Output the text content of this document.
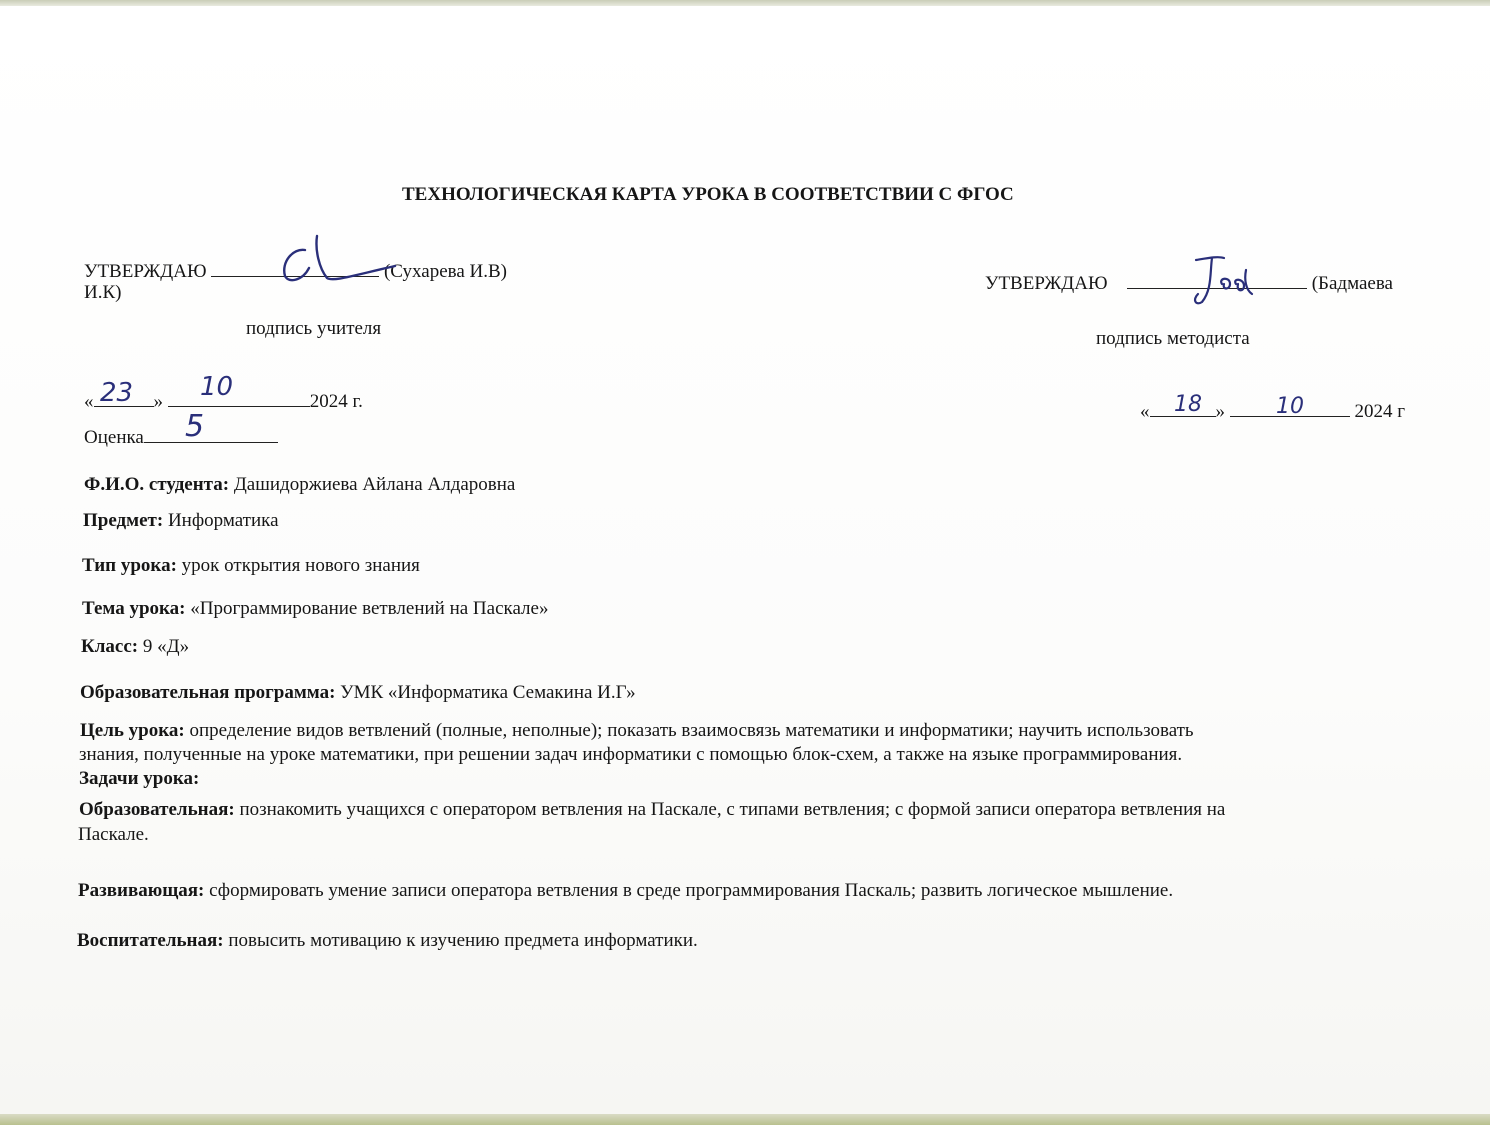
ТЕХНОЛОГИЧЕСКАЯ КАРТА УРОКА В СООТВЕТСТВИИ С ФГОС
УТВЕРЖДАЮ	(Сухарева И.В)
И.К)
подпись учителя
«	»	2024 г.
23	10
Оценка	5
УТВЕРЖДАЮ	(Бадмаева
подпись методиста
«	»	2024 г
18	10
Ф.И.О. студента: Дашидоржиева Айлана Алдаровна
Предмет: Информатика
Тип урока: урок открытия нового знания
Тема урока: «Программирование ветвлений на Паскале»
Класс: 9 «Д»
Образовательная программа: УМК «Информатика Семакина И.Г»
Цель урока: определение видов ветвлений (полные, неполные); показать взаимосвязь математики и информатики; научить использовать
знания, полученные на уроке математики, при решении задач информатики с помощью блок-схем, а также на языке программирования.
Задачи урока:
Образовательная: познакомить учащихся с оператором ветвления на Паскале, с типами ветвления; с формой записи оператора ветвления на
Паскале.
Развивающая: сформировать умение записи оператора ветвления в среде программирования Паскаль; развить логическое мышление.
Воспитательная: повысить мотивацию к изучению предмета информатики.
